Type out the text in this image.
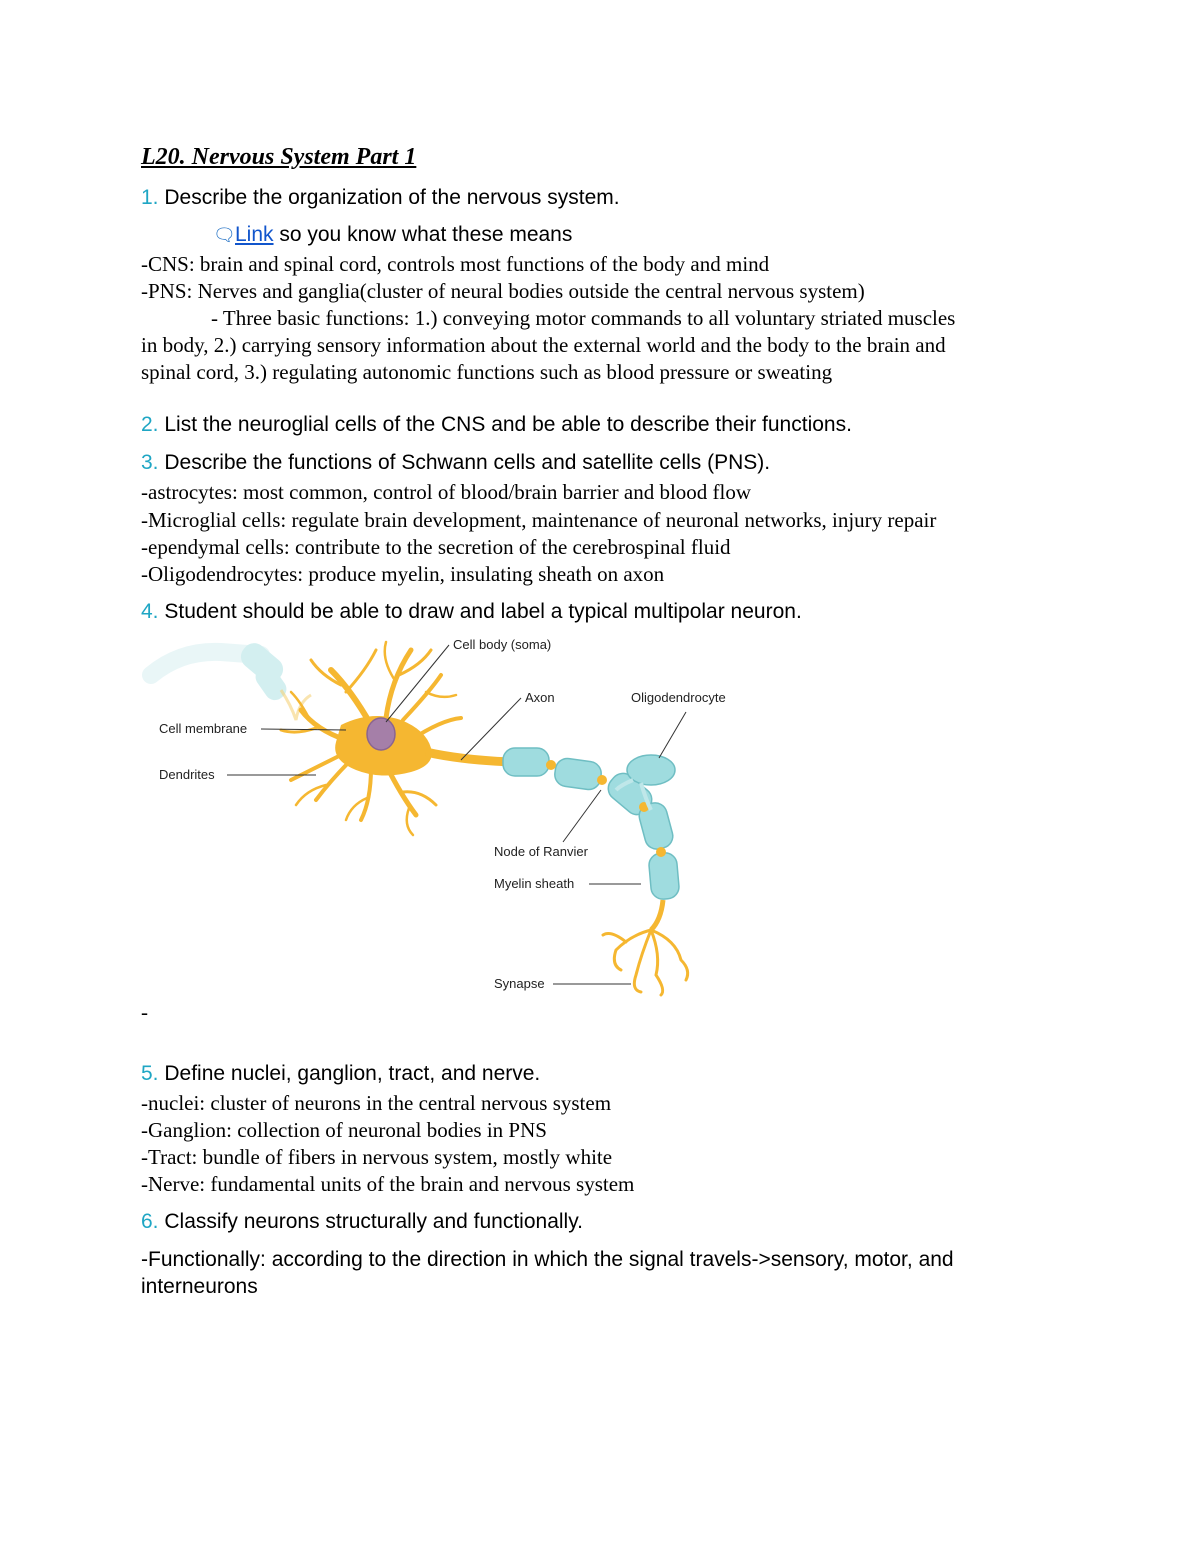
L20. Nervous System Part 1
1. Describe the organization of the nervous system.
🗨Link so you know what these means
-CNS: brain and spinal cord, controls most functions of the body and mind
-PNS: Nerves and ganglia(cluster of neural bodies outside the central nervous system)
- Three basic functions: 1.) conveying motor commands to all voluntary striated muscles
in body, 2.) carrying sensory information about the external world and the body to the brain and
spinal cord, 3.) regulating autonomic functions such as blood pressure or sweating
2. List the neuroglial cells of the CNS and be able to describe their functions.
3. Describe the functions of Schwann cells and satellite cells (PNS).
-astrocytes: most common, control of blood/brain barrier and blood flow
-Microglial cells: regulate brain development, maintenance of neuronal networks, injury repair
-ependymal cells: contribute to the secretion of the cerebrospinal fluid
-Oligodendrocytes: produce myelin, insulating sheath on axon
4. Student should be able to draw and label a typical multipolar neuron.
Cell body (soma)
Axon	Oligodendrocyte
Cell membrane
Dendrites
Node of Ranvier
Myelin sheath
Synapse
-
5. Define nuclei, ganglion, tract, and nerve.
-nuclei: cluster of neurons in the central nervous system
-Ganglion: collection of neuronal bodies in PNS
-Tract: bundle of fibers in nervous system, mostly white
-Nerve: fundamental units of the brain and nervous system
6. Classify neurons structurally and functionally.
-Functionally: according to the direction in which the signal travels->sensory, motor, and
interneurons
